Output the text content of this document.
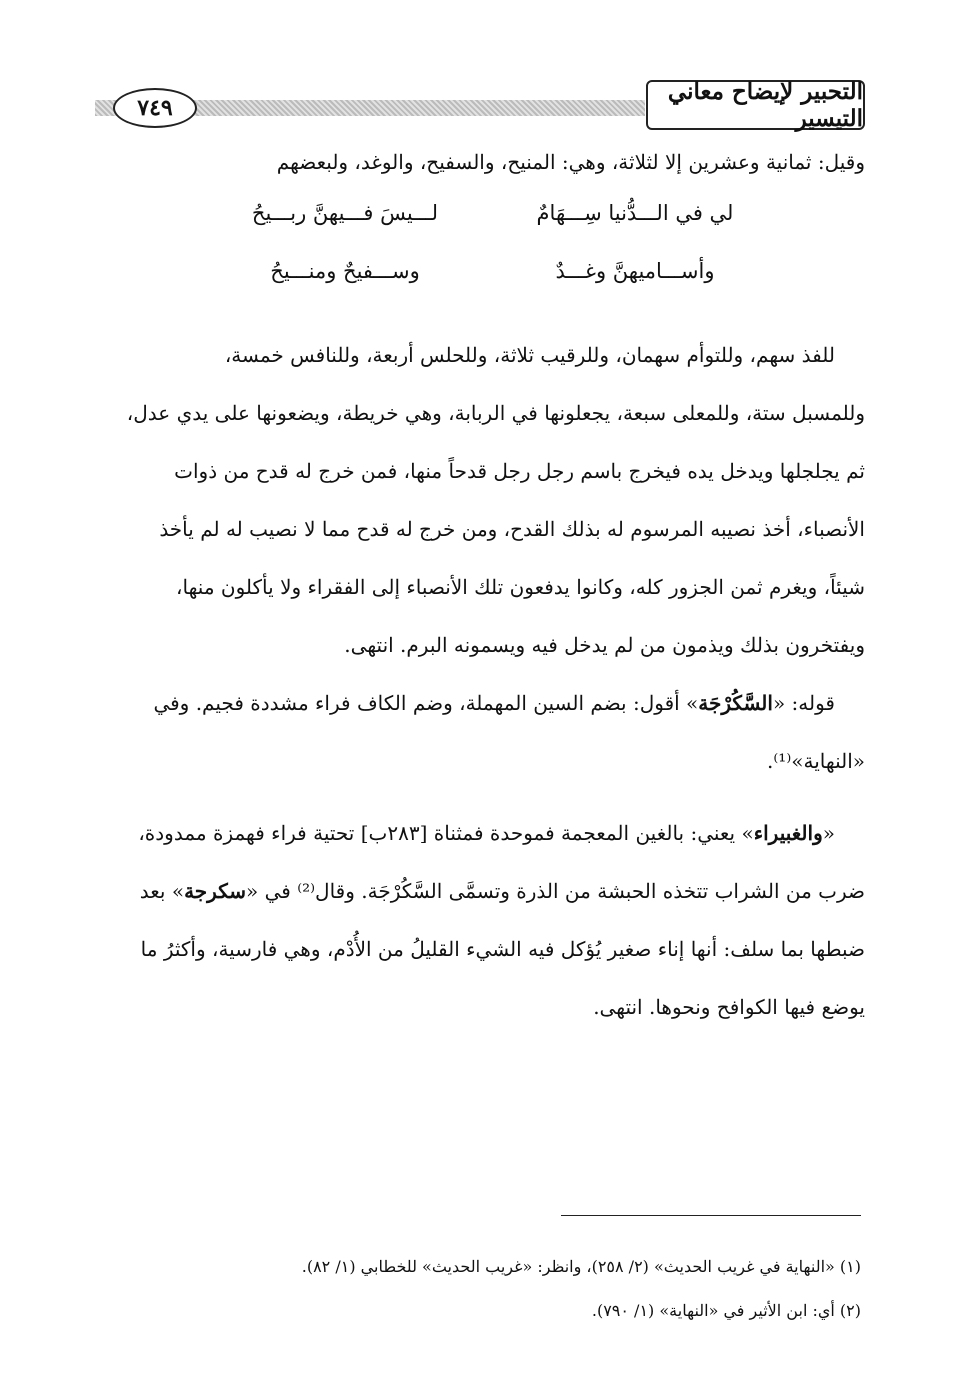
٧٤٩
التحبير لإيضاح معاني التيسير
وقيل: ثمانية وعشرين إلا لثلاثة، وهي: المنيح، والسفيح، والوغد، ولبعضهم
لي في الـــدُّنيا سِـــهَامٌ
لـــيسَ فـــيهنَّ ربـــيحُ
وأســـاميهنَّ وغـــدٌ
وســـفيحٌ ومنـــيحُ
للفذ سهم، وللتوأم سهمان، وللرقيب ثلاثة، وللحلس أربعة، وللنافس خمسة،
وللمسبل ستة، وللمعلى سبعة، يجعلونها في الربابة، وهي خريطة، ويضعونها على يدي عدل،
ثم يجلجلها ويدخل يده فيخرج باسم رجل رجل قدحاً منها، فمن خرج له قدح من ذوات
الأنصباء، أخذ نصيبه المرسوم له بذلك القدح، ومن خرج له قدح مما لا نصيب له لم يأخذ
شيئاً، ويغرم ثمن الجزور كله، وكانوا يدفعون تلك الأنصباء إلى الفقراء ولا يأكلون منها،
ويفتخرون بذلك ويذمون من لم يدخل فيه ويسمونه البرم. انتهى.
قوله: «السَّكُرْجَة» أقول: بضم السين المهملة، وضم الكاف فراء مشددة فجيم. وفي
«النهاية»⁽¹⁾.
«والغبيراء» يعني: بالغين المعجمة فموحدة فمثناة [٢٨٣ب] تحتية فراء فهمزة ممدودة،
ضرب من الشراب تتخذه الحبشة من الذرة وتسمَّى السَّكُرْجَة. وقال⁽²⁾ في «سكرجة» بعد
ضبطها بما سلف: أنها إناء صغير يُؤكل فيه الشيء القليلُ من الأُدْم، وهي فارسية، وأكثرُ ما
يوضع فيها الكوافح ونحوها. انتهى.
(١) «النهاية في غريب الحديث» (٢/ ٢٥٨)، وانظر: «غريب الحديث» للخطابي (١/ ٨٢).
(٢) أي: ابن الأثير في «النهاية» (١/ ٧٩٠).
